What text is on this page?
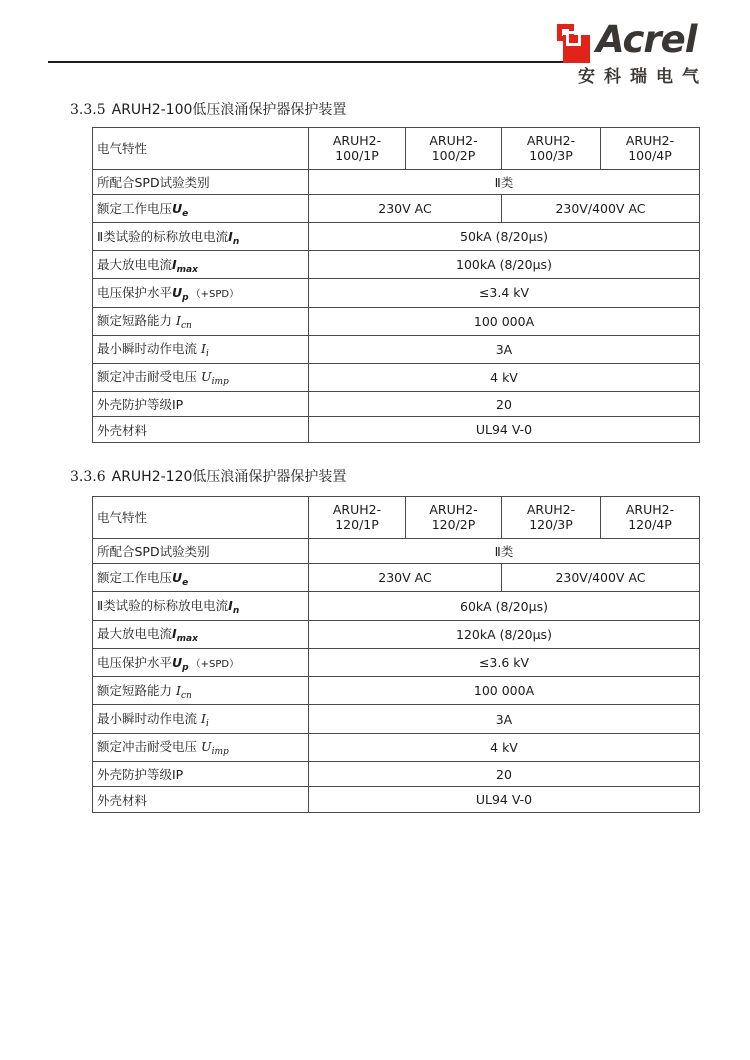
Acrel
安科瑞电气
3.3.5 ARUH2-100低压浪涌保护器保护装置
电气特性	ARUH2-100/1P	ARUH2-100/2P	ARUH2-100/3P	ARUH2-100/4P
所配合SPD试验类别	Ⅱ类			
额定工作电压$U_e$	230V AC		230V/400V AC	
Ⅱ类试验的标称放电电流$I_n$	50kA (8/20μs)			
最大放电电流$I_{max}$	100kA (8/20μs)			
电压保护水平$U_p$ （+SPD）	≤3.4 kV			
额定短路能力 $I_{cn}$	100 000A			
最小瞬时动作电流 $I_i$	3A			
额定冲击耐受电压 $U_{imp}$	4 kV			
外壳防护等级IP	20			
外壳材料	UL94 V-0			
3.3.6 ARUH2-120低压浪涌保护器保护装置
电气特性	ARUH2-120/1P	ARUH2-120/2P	ARUH2-120/3P	ARUH2-120/4P
所配合SPD试验类别	Ⅱ类			
额定工作电压$U_e$	230V AC		230V/400V AC	
Ⅱ类试验的标称放电电流$I_n$	60kA (8/20μs)			
最大放电电流$I_{max}$	120kA (8/20μs)			
电压保护水平$U_p$ （+SPD）	≤3.6 kV			
额定短路能力 $I_{cn}$	100 000A			
最小瞬时动作电流 $I_i$	3A			
额定冲击耐受电压 $U_{imp}$	4 kV			
外壳防护等级IP	20			
外壳材料	UL94 V-0			
